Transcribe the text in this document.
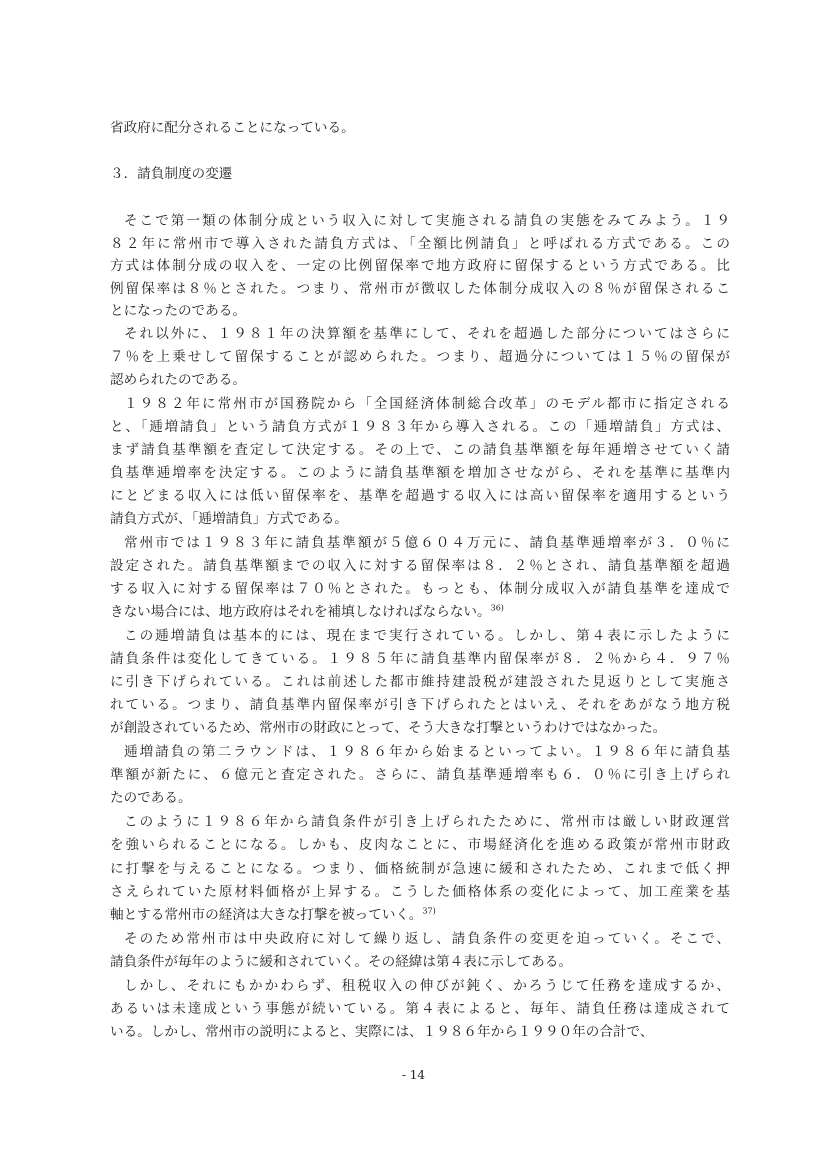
省政府に配分されることになっている。
３．請負制度の変遷
そこで第一類の体制分成という収入に対して実施される請負の実態をみてみよう。１９
８２年に常州市で導入された請負方式は、「全額比例請負」と呼ばれる方式である。この
方式は体制分成の収入を、一定の比例留保率で地方政府に留保するという方式である。比
例留保率は８％とされた。つまり、常州市が徴収した体制分成収入の８％が留保されるこ
とになったのである。
それ以外に、１９８１年の決算額を基準にして、それを超過した部分についてはさらに
７％を上乗せして留保することが認められた。つまり、超過分については１５％の留保が
認められたのである。
１９８２年に常州市が国務院から「全国経済体制総合改革」のモデル都市に指定される
と、「逓増請負」という請負方式が１９８３年から導入される。この「逓増請負」方式は、
まず請負基準額を査定して決定する。その上で、この請負基準額を毎年逓増させていく請
負基準逓増率を決定する。このように請負基準額を増加させながら、それを基準に基準内
にとどまる収入には低い留保率を、基準を超過する収入には高い留保率を適用するという
請負方式が、「逓増請負」方式である。
常州市では１９８３年に請負基準額が５億６０４万元に、請負基準逓増率が３．０％に
設定された。請負基準額までの収入に対する留保率は８．２％とされ、請負基準額を超過
する収入に対する留保率は７０％とされた。もっとも、体制分成収入が請負基準を達成で
きない場合には、地方政府はそれを補填しなければならない。$^{36)}$
この逓増請負は基本的には、現在まで実行されている。しかし、第４表に示したように
請負条件は変化してきている。１９８５年に請負基準内留保率が８．２％から４．９７％
に引き下げられている。これは前述した都市維持建設税が建設された見返りとして実施さ
れている。つまり、請負基準内留保率が引き下げられたとはいえ、それをあがなう地方税
が創設されているため、常州市の財政にとって、そう大きな打撃というわけではなかった。
逓増請負の第二ラウンドは、１９８６年から始まるといってよい。１９８６年に請負基
準額が新たに、６億元と査定された。さらに、請負基準逓増率も６．０％に引き上げられ
たのである。
このように１９８６年から請負条件が引き上げられたために、常州市は厳しい財政運営
を強いられることになる。しかも、皮肉なことに、市場経済化を進める政策が常州市財政
に打撃を与えることになる。つまり、価格統制が急速に緩和されたため、これまで低く押
さえられていた原材料価格が上昇する。こうした価格体系の変化によって、加工産業を基
軸とする常州市の経済は大きな打撃を被っていく。$^{37)}$
そのため常州市は中央政府に対して繰り返し、請負条件の変更を迫っていく。そこで、
請負条件が毎年のように緩和されていく。その経緯は第４表に示してある。
しかし、それにもかかわらず、租税収入の伸びが鈍く、かろうじて任務を達成するか、
あるいは未達成という事態が続いている。第４表によると、毎年、請負任務は達成されて
いる。しかし、常州市の説明によると、実際には、１９８６年から１９９０年の合計で、
- 14
